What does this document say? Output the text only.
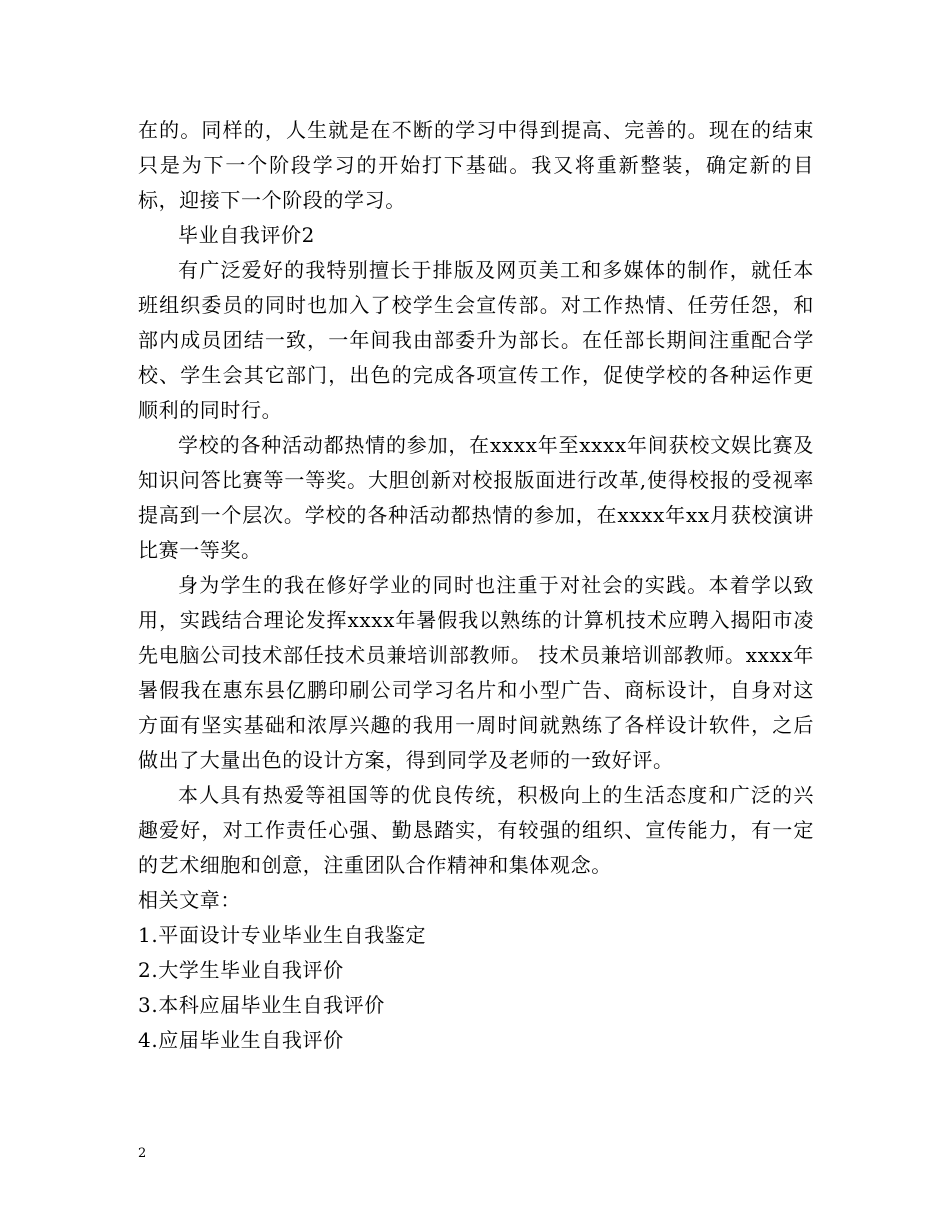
在的。同样的，人生就是在不断的学习中得到提高、完善的。现在的结束只是为下一个阶段学习的开始打下基础。我又将重新整装，确定新的目标，迎接下一个阶段的学习。

毕业自我评价2

有广泛爱好的我特别擅长于排版及网页美工和多媒体的制作，就任本班组织委员的同时也加入了校学生会宣传部。对工作热情、任劳任怨，和部内成员团结一致，一年间我由部委升为部长。在任部长期间注重配合学校、学生会其它部门，出色的完成各项宣传工作，促使学校的各种运作更顺利的同时行。

学校的各种活动都热情的参加，在xxxx年至xxxx年间获校文娱比赛及知识问答比赛等一等奖。大胆创新对校报版面进行改革,使得校报的受视率提高到一个层次。学校的各种活动都热情的参加，在xxxx年xx月获校演讲比赛一等奖。

身为学生的我在修好学业的同时也注重于对社会的实践。本着学以致用，实践结合理论发挥xxxx年暑假我以熟练的计算机技术应聘入揭阳市凌先电脑公司技术部任技术员兼培训部教师。 技术员兼培训部教师。xxxx年暑假我在惠东县亿鹏印刷公司学习名片和小型广告、商标设计，自身对这方面有坚实基础和浓厚兴趣的我用一周时间就熟练了各样设计软件，之后做出了大量出色的设计方案，得到同学及老师的一致好评。

本人具有热爱等祖国等的优良传统，积极向上的生活态度和广泛的兴趣爱好，对工作责任心强、勤恳踏实，有较强的组织、宣传能力，有一定的艺术细胞和创意，注重团队合作精神和集体观念。

相关文章：

1.平面设计专业毕业生自我鉴定
2.大学生毕业自我评价
3.本科应届毕业生自我评价
4.应届毕业生自我评价
2
